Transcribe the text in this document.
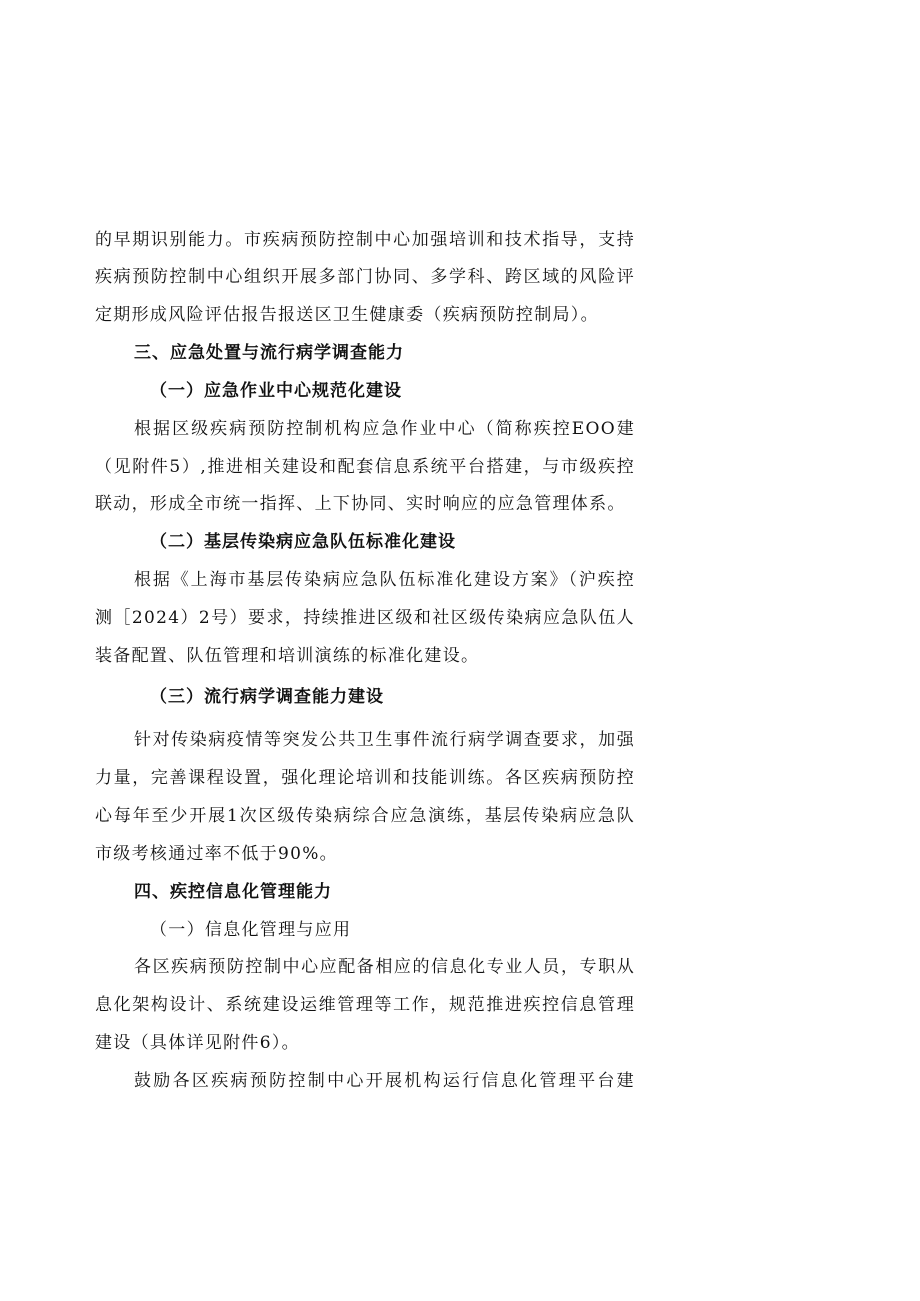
的早期识别能力。市疾病预防控制中心加强培训和技术指导，支持
疾病预防控制中心组织开展多部门协同、多学科、跨区域的风险评
定期形成风险评估报告报送区卫生健康委（疾病预防控制局）。
三、应急处置与流行病学调查能力
（一）应急作业中心规范化建设
根据区级疾病预防控制机构应急作业中心（简称疾控EOO建
（见附件5）,推进相关建设和配套信息系统平台搭建，与市级疾控
联动，形成全市统一指挥、上下协同、实时响应的应急管理体系。
（二）基层传染病应急队伍标准化建设
根据《上海市基层传染病应急队伍标准化建设方案》（沪疾控
测［2024）2号）要求，持续推进区级和社区级传染病应急队伍人
装备配置、队伍管理和培训演练的标准化建设。
（三）流行病学调查能力建设
针对传染病疫情等突发公共卫生事件流行病学调查要求，加强
力量，完善课程设置，强化理论培训和技能训练。各区疾病预防控
心每年至少开展1次区级传染病综合应急演练，基层传染病应急队
市级考核通过率不低于90%。
四、疾控信息化管理能力
（一）信息化管理与应用
各区疾病预防控制中心应配备相应的信息化专业人员，专职从
息化架构设计、系统建设运维管理等工作，规范推进疾控信息管理
建设（具体详见附件6）。
鼓励各区疾病预防控制中心开展机构运行信息化管理平台建
